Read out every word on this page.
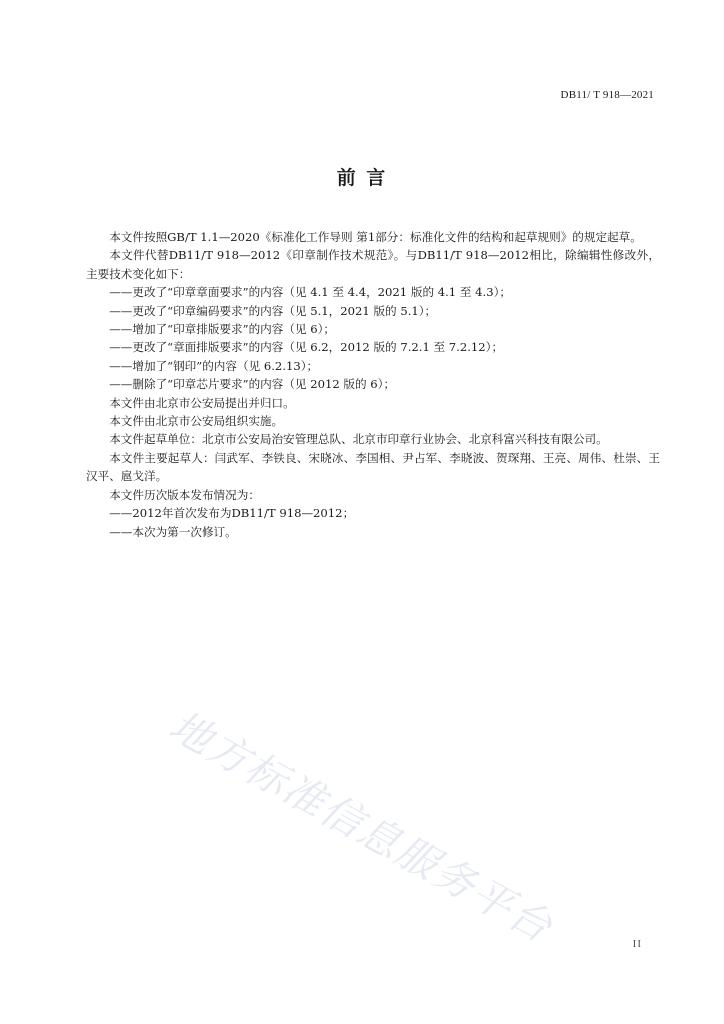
DB11/ T 918—2021
前 言

本文件按照GB/T 1.1—2020《标准化工作导则 第1部分：标准化文件的结构和起草规则》的规定起草。

本文件代替DB11/T 918—2012《印章制作技术规范》。与DB11/T 918—2012相比，除编辑性修改外，主要技术变化如下：

——更改了“印章章面要求”的内容（见 4.1 至 4.4，2021 版的 4.1 至 4.3）；

——更改了“印章编码要求”的内容（见 5.1，2021 版的 5.1）；

——增加了“印章排版要求”的内容（见 6）；

——更改了“章面排版要求”的内容（见 6.2，2012 版的 7.2.1 至 7.2.12）；

——增加了“钢印”的内容（见 6.2.13）；

——删除了“印章芯片要求”的内容（见 2012 版的 6）；

本文件由北京市公安局提出并归口。

本文件由北京市公安局组织实施。

本文件起草单位：北京市公安局治安管理总队、北京市印章行业协会、北京科富兴科技有限公司。

本文件主要起草人：闫武军、李铁良、宋晓冰、李国相、尹占军、李晓波、贺琛翔、王亮、周伟、杜崇、王汉平、扈戈洋。

本文件历次版本发布情况为：

——2012年首次发布为DB11/T 918—2012；

——本次为第一次修订。

地方标准信息服务平台	II
